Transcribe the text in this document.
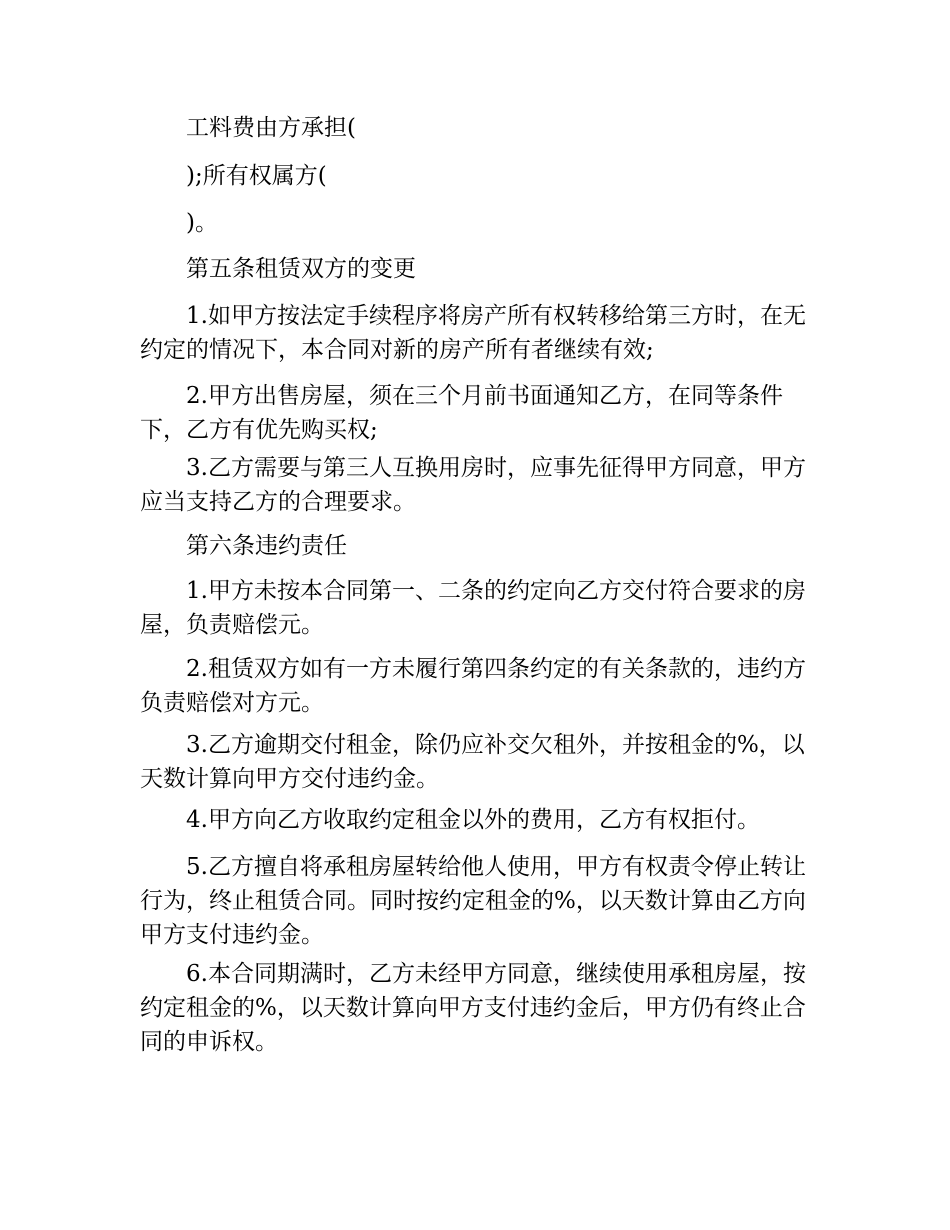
工料费由方承担(

);所有权属方(

)。

第五条租赁双方的变更

1.如甲方按法定手续程序将房产所有权转移给第三方时，在无约定的情况下，本合同对新的房产所有者继续有效;

2.甲方出售房屋，须在三个月前书面通知乙方，在同等条件下，乙方有优先购买权;

3.乙方需要与第三人互换用房时，应事先征得甲方同意，甲方应当支持乙方的合理要求。

第六条违约责任

1.甲方未按本合同第一、二条的约定向乙方交付符合要求的房屋，负责赔偿元。

2.租赁双方如有一方未履行第四条约定的有关条款的，违约方负责赔偿对方元。

3.乙方逾期交付租金，除仍应补交欠租外，并按租金的%，以天数计算向甲方交付违约金。

4.甲方向乙方收取约定租金以外的费用，乙方有权拒付。

5.乙方擅自将承租房屋转给他人使用，甲方有权责令停止转让行为，终止租赁合同。同时按约定租金的%，以天数计算由乙方向甲方支付违约金。

6.本合同期满时，乙方未经甲方同意，继续使用承租房屋，按约定租金的%，以天数计算向甲方支付违约金后，甲方仍有终止合同的申诉权。
